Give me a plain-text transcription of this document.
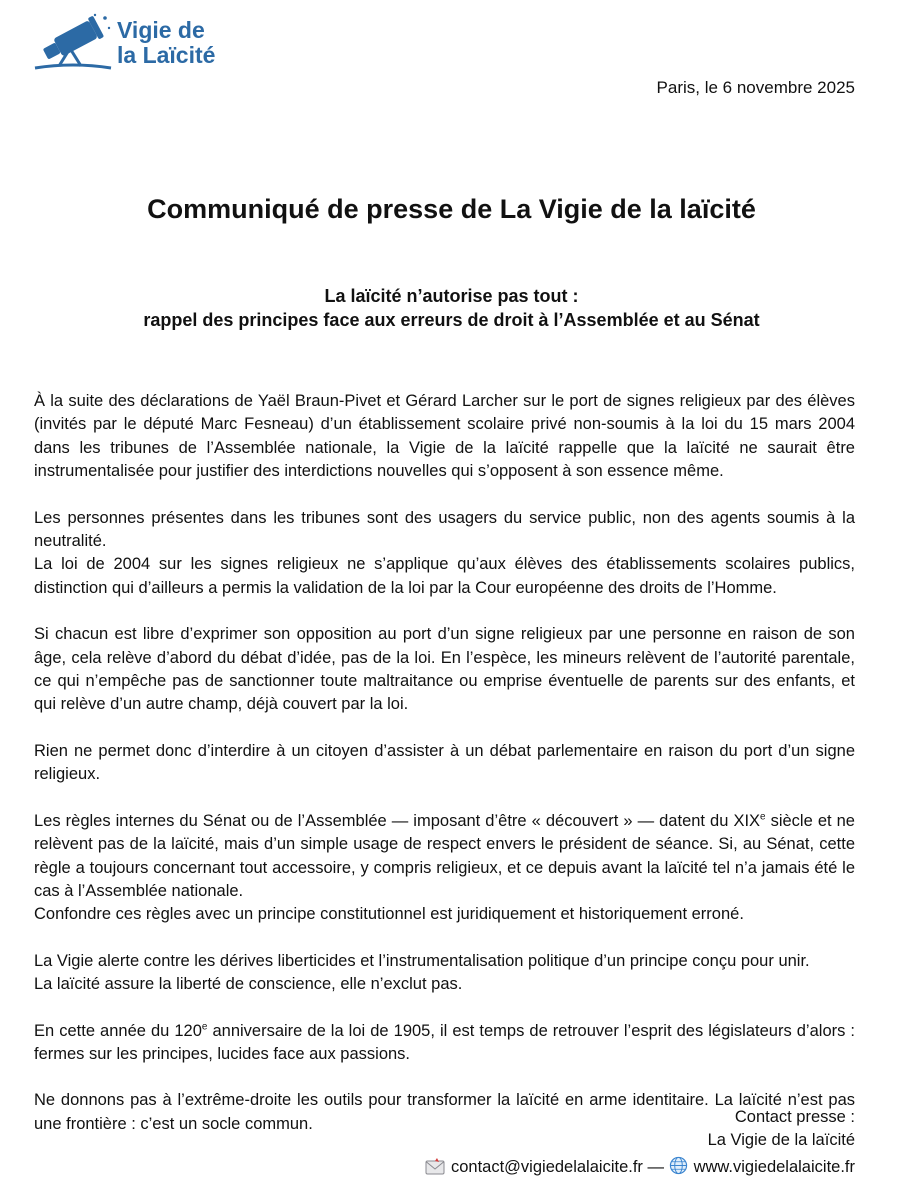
Vigie de
la Laïcité
Paris, le 6 novembre 2025
Communiqué de presse de La Vigie de la laïcité
La laïcité n’autorise pas tout :
rappel des principes face aux erreurs de droit à l’Assemblée et au Sénat

À la suite des déclarations de Yaël Braun-Pivet et Gérard Larcher sur le port de signes religieux par des élèves (invités par le député Marc Fesneau) d’un établissement scolaire privé non-soumis à la loi du 15 mars 2004 dans les tribunes de l’Assemblée nationale, la Vigie de la laïcité rappelle que la laïcité ne saurait être instrumentalisée pour justifier des interdictions nouvelles qui s’opposent à son essence même.

Les personnes présentes dans les tribunes sont des usagers du service public, non des agents soumis à la neutralité.
La loi de 2004 sur les signes religieux ne s’applique qu’aux élèves des établissements scolaires publics, distinction qui d’ailleurs a permis la validation de la loi par la Cour européenne des droits de l’Homme.

Si chacun est libre d’exprimer son opposition au port d’un signe religieux par une personne en raison de son âge, cela relève d’abord du débat d’idée, pas de la loi. En l’espèce, les mineurs relèvent de l’autorité parentale, ce qui n’empêche pas de sanctionner toute maltraitance ou emprise éventuelle de parents sur des enfants, et qui relève d’un autre champ, déjà couvert par la loi.

Rien ne permet donc d’interdire à un citoyen d’assister à un débat parlementaire en raison du port d’un signe religieux.

Les règles internes du Sénat ou de l’Assemblée — imposant d’être « découvert » — datent du XIXe siècle et ne relèvent pas de la laïcité, mais d’un simple usage de respect envers le président de séance. Si, au Sénat, cette règle a toujours concernant tout accessoire, y compris religieux, et ce depuis avant la laïcité tel n’a jamais été le cas à l’Assemblée nationale.
Confondre ces règles avec un principe constitutionnel est juridiquement et historiquement erroné.

La Vigie alerte contre les dérives liberticides et l’instrumentalisation politique d’un principe conçu pour unir.
La laïcité assure la liberté de conscience, elle n’exclut pas.

En cette année du 120e anniversaire de la loi de 1905, il est temps de retrouver l’esprit des législateurs d’alors : fermes sur les principes, lucides face aux passions.

Ne donnons pas à l’extrême-droite les outils pour transformer la laïcité en arme identitaire. La laïcité n’est pas une frontière : c’est un socle commun.	Contact presse :
La Vigie de la laïcité
contact@vigiedelalaicite.fr — www.vigiedelalaicite.fr
